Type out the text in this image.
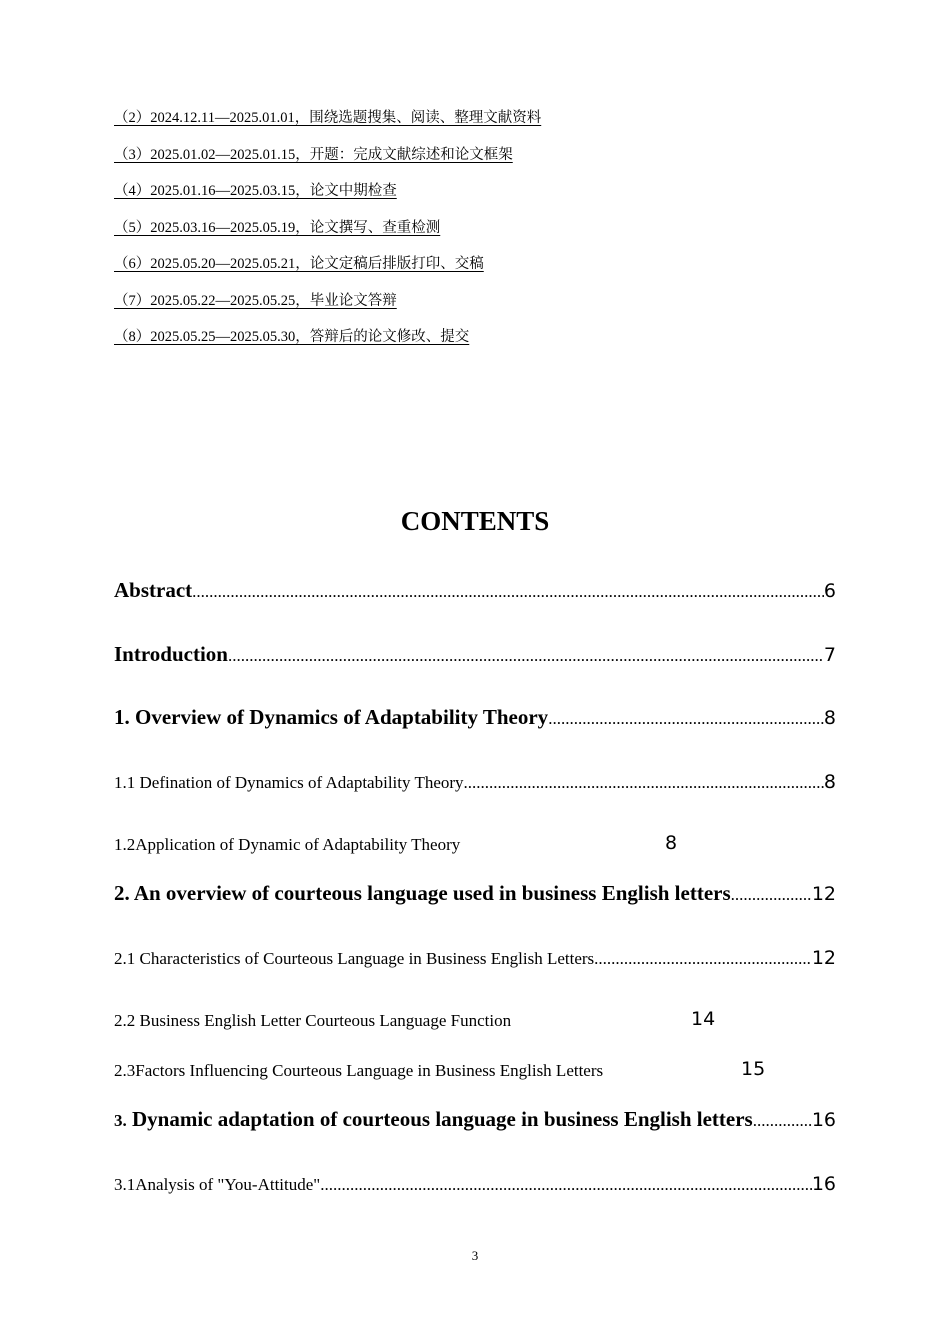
（2）2024.12.11—2025.01.01，围绕选题搜集、阅读、整理文献资料
（3）2025.01.02—2025.01.15，开题：完成文献综述和论文框架
（4）2025.01.16—2025.03.15，论文中期检查
（5）2025.03.16—2025.05.19，论文撰写、查重检测
（6）2025.05.20—2025.05.21，论文定稿后排版打印、交稿
（7）2025.05.22—2025.05.25，毕业论文答辩
（8）2025.05.25—2025.05.30，答辩后的论文修改、提交
CONTENTS
Abstract .....	6
Introduction .....	7
1. Overview of Dynamics of Adaptability Theory .....	8
1.1 Defination of Dynamics of Adaptability Theory .....	8
1.2Application of Dynamic of Adaptability Theory	8
2. An overview of courteous language used in business English letters .....	12
2.1 Characteristics of Courteous Language in Business English Letters .....	12
2.2 Business English Letter Courteous Language Function	14
2.3Factors Influencing Courteous Language in Business English Letters	15
3. Dynamic adaptation of courteous language in business English letters .....	16
3.1Analysis of "You-Attitude" .....	16
3
